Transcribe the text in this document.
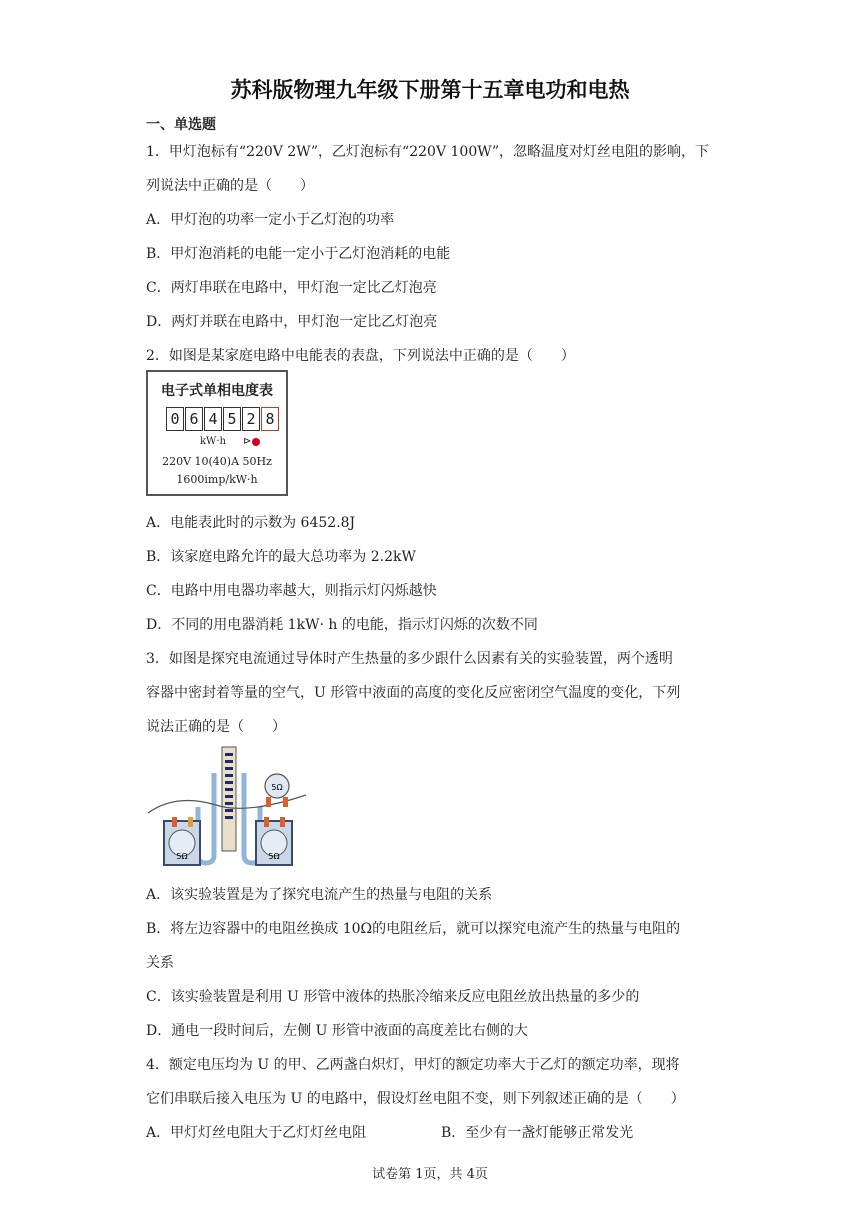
苏科版物理九年级下册第十五章电功和电热
一、单选题
1．甲灯泡标有“220V 2W”，乙灯泡标有“220V 100W”，忽略温度对灯丝电阻的影响，下
列说法中正确的是（　　）
A．甲灯泡的功率一定小于乙灯泡的功率
B．甲灯泡消耗的电能一定小于乙灯泡消耗的电能
C．两灯串联在电路中，甲灯泡一定比乙灯泡亮
D．两灯并联在电路中，甲灯泡一定比乙灯泡亮
2．如图是某家庭电路中电能表的表盘，下列说法中正确的是（　　）
电子式单相电度表
0 6 4 5 2 8
kW·h ⊳
220V 10(40)A 50Hz
1600imp/kW·h
A．电能表此时的示数为 6452.8J
B．该家庭电路允许的最大总功率为 2.2kW
C．电路中用电器功率越大，则指示灯闪烁越快
D．不同的用电器消耗 1kW· h 的电能，指示灯闪烁的次数不同
3．如图是探究电流通过导体时产生热量的多少跟什么因素有关的实验装置，两个透明
容器中密封着等量的空气，U 形管中液面的高度的变化反应密闭空气温度的变化，下列
说法正确的是（　　）
5Ω
5Ω	5Ω
A．该实验装置是为了探究电流产生的热量与电阻的关系
B．将左边容器中的电阻丝换成 10Ω的电阻丝后，就可以探究电流产生的热量与电阻的
关系
C．该实验装置是利用 U 形管中液体的热胀冷缩来反应电阻丝放出热量的多少的
D．通电一段时间后，左侧 U 形管中液面的高度差比右侧的大
4．额定电压均为 U 的甲、乙两盏白炽灯，甲灯的额定功率大于乙灯的额定功率，现将
它们串联后接入电压为 U 的电路中，假设灯丝电阻不变，则下列叙述正确的是（　　）
A．甲灯灯丝电阻大于乙灯灯丝电阻	B．至少有一盏灯能够正常发光
试卷第 1页，共 4页
